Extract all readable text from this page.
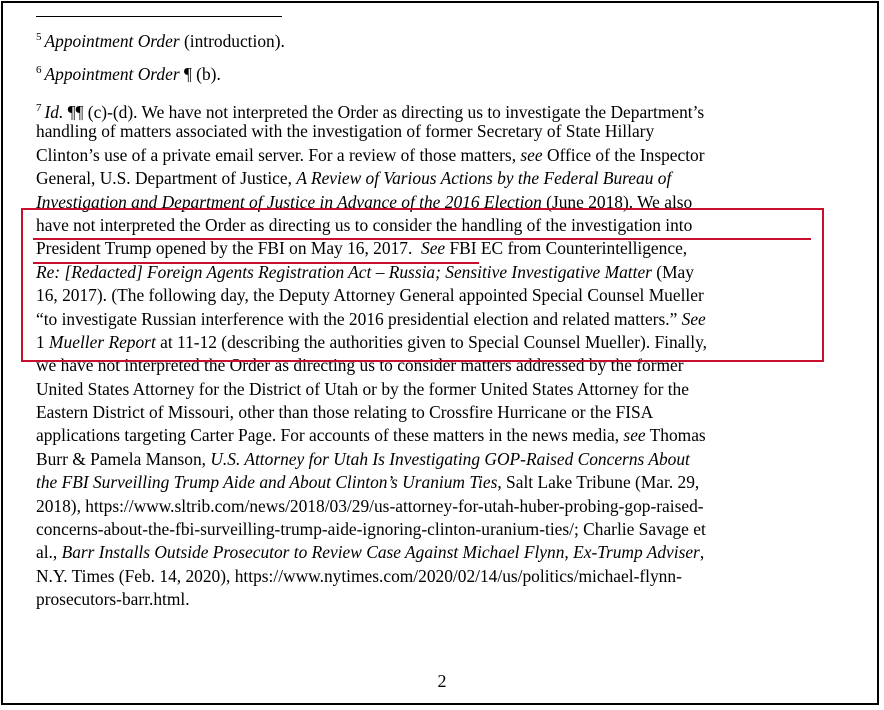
$^5$ Appointment Order (introduction).
$^6$ Appointment Order ¶ (b).
$^7$ Id. ¶¶ (c)-(d). We have not interpreted the Order as directing us to investigate the Department’s
handling of matters associated with the investigation of former Secretary of State Hillary
Clinton’s use of a private email server. For a review of those matters, see Office of the Inspector
General, U.S. Department of Justice, A Review of Various Actions by the Federal Bureau of
Investigation and Department of Justice in Advance of the 2016 Election (June 2018). We also
have not interpreted the Order as directing us to consider the handling of the investigation into
President Trump opened by the FBI on May 16, 2017. See FBI EC from Counterintelligence,
Re: [Redacted] Foreign Agents Registration Act – Russia; Sensitive Investigative Matter (May
16, 2017). (The following day, the Deputy Attorney General appointed Special Counsel Mueller
“to investigate Russian interference with the 2016 presidential election and related matters.” See
1 Mueller Report at 11-12 (describing the authorities given to Special Counsel Mueller). Finally,
we have not interpreted the Order as directing us to consider matters addressed by the former
United States Attorney for the District of Utah or by the former United States Attorney for the
Eastern District of Missouri, other than those relating to Crossfire Hurricane or the FISA
applications targeting Carter Page. For accounts of these matters in the news media, see Thomas
Burr & Pamela Manson, U.S. Attorney for Utah Is Investigating GOP-Raised Concerns About
the FBI Surveilling Trump Aide and About Clinton’s Uranium Ties, Salt Lake Tribune (Mar. 29,
2018), https://www.sltrib.com/news/2018/03/29/us-attorney-for-utah-huber-probing-gop-raised-
concerns-about-the-fbi-surveilling-trump-aide-ignoring-clinton-uranium-ties/; Charlie Savage et
al., Barr Installs Outside Prosecutor to Review Case Against Michael Flynn, Ex-Trump Adviser,
N.Y. Times (Feb. 14, 2020), https://www.nytimes.com/2020/02/14/us/politics/michael-flynn-
prosecutors-barr.html.
2
